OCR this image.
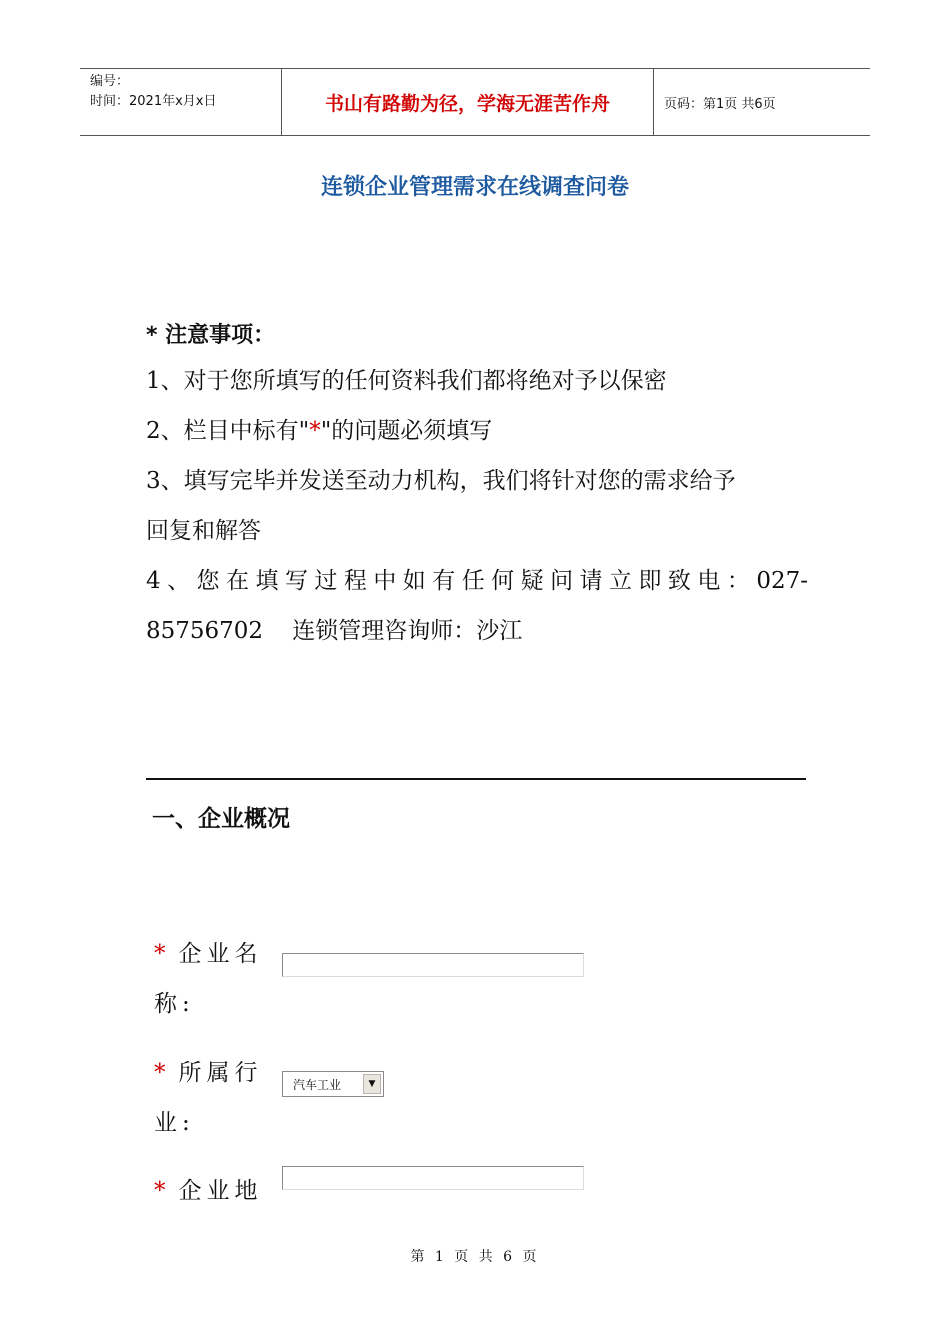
编号：
时间：2021年x月x日	书山有路勤为径，学海无涯苦作舟	页码：第1页 共6页
连锁企业管理需求在线调查问卷
* 注意事项：
1、对于您所填写的任何资料我们都将绝对予以保密
2、栏目中标有"*"的问题必须填写
3、填写完毕并发送至动力机构，我们将针对您的需求给予
回复和解答
4、您在填写过程中如有任何疑问请立即致电：027-
85756702    连锁管理咨询师：沙江
一、企业概况
* 企业名
称:
* 所属行
业:
汽车工业	▼
* 企业地
第 1 页 共 6 页
